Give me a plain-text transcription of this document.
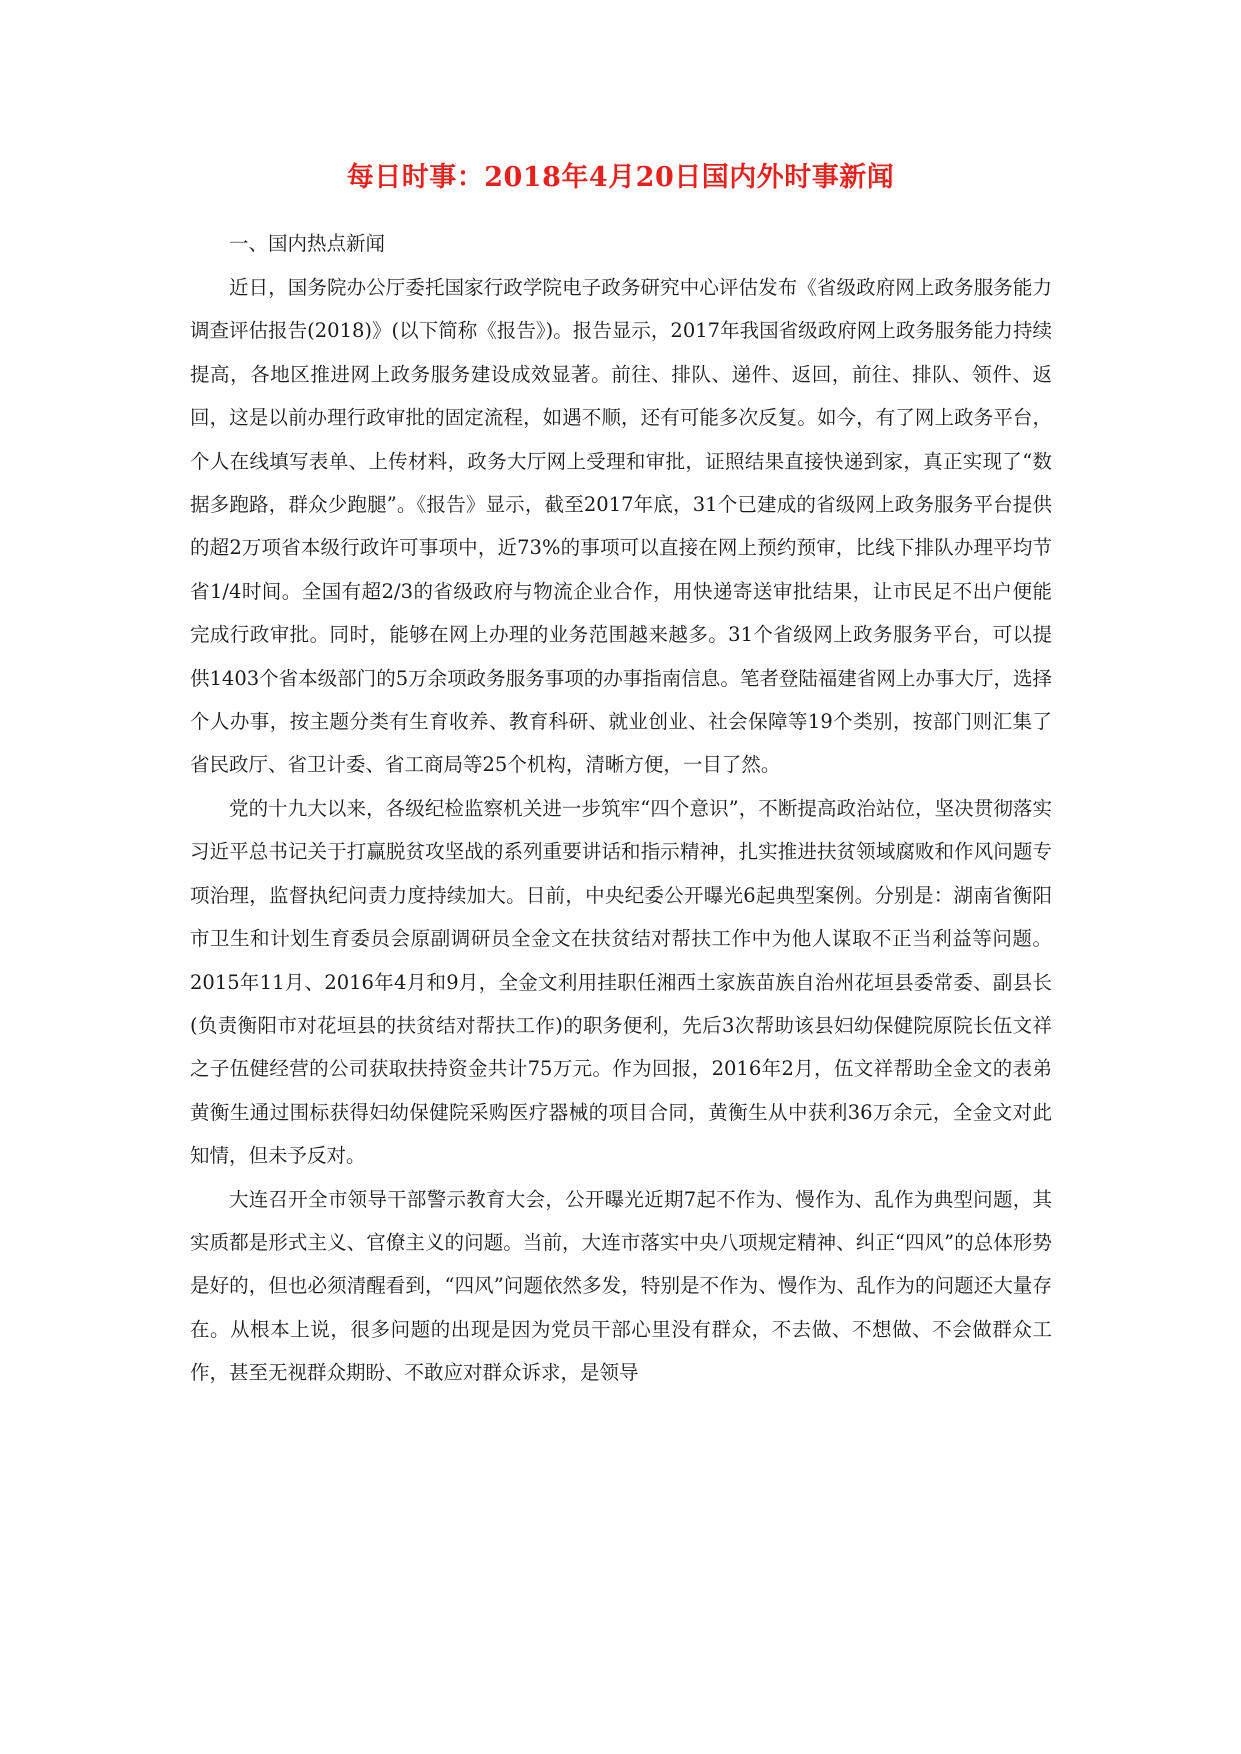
每日时事：2018年4月20日国内外时事新闻

一、国内热点新闻

近日，国务院办公厅委托国家行政学院电子政务研究中心评估发布《省级政府网上政务服务能力调查评估报告(2018)》(以下简称《报告》)。报告显示，2017年我国省级政府网上政务服务能力持续提高，各地区推进网上政务服务建设成效显著。前往、排队、递件、返回，前往、排队、领件、返回，这是以前办理行政审批的固定流程，如遇不顺，还有可能多次反复。如今，有了网上政务平台，个人在线填写表单、上传材料，政务大厅网上受理和审批，证照结果直接快递到家，真正实现了“数据多跑路，群众少跑腿”。《报告》显示，截至2017年底，31个已建成的省级网上政务服务平台提供的超2万项省本级行政许可事项中，近73%的事项可以直接在网上预约预审，比线下排队办理平均节省1/4时间。全国有超2/3的省级政府与物流企业合作，用快递寄送审批结果，让市民足不出户便能完成行政审批。同时，能够在网上办理的业务范围越来越多。31个省级网上政务服务平台，可以提供1403个省本级部门的5万余项政务服务事项的办事指南信息。笔者登陆福建省网上办事大厅，选择个人办事，按主题分类有生育收养、教育科研、就业创业、社会保障等19个类别，按部门则汇集了省民政厅、省卫计委、省工商局等25个机构，清晰方便，一目了然。

党的十九大以来，各级纪检监察机关进一步筑牢“四个意识”，不断提高政治站位，坚决贯彻落实习近平总书记关于打赢脱贫攻坚战的系列重要讲话和指示精神，扎实推进扶贫领域腐败和作风问题专项治理，监督执纪问责力度持续加大。日前，中央纪委公开曝光6起典型案例。分别是：湖南省衡阳市卫生和计划生育委员会原副调研员全金文在扶贫结对帮扶工作中为他人谋取不正当利益等问题。2015年11月、2016年4月和9月，全金文利用挂职任湘西土家族苗族自治州花垣县委常委、副县长(负责衡阳市对花垣县的扶贫结对帮扶工作)的职务便利，先后3次帮助该县妇幼保健院原院长伍文祥之子伍健经营的公司获取扶持资金共计75万元。作为回报，2016年2月，伍文祥帮助全金文的表弟黄衡生通过围标获得妇幼保健院采购医疗器械的项目合同，黄衡生从中获利36万余元，全金文对此知情，但未予反对。

大连召开全市领导干部警示教育大会，公开曝光近期7起不作为、慢作为、乱作为典型问题，其实质都是形式主义、官僚主义的问题。当前，大连市落实中央八项规定精神、纠正“四风”的总体形势是好的，但也必须清醒看到，“四风”问题依然多发，特别是不作为、慢作为、乱作为的问题还大量存在。从根本上说，很多问题的出现是因为党员干部心里没有群众，不去做、不想做、不会做群众工作，甚至无视群众期盼、不敢应对群众诉求，是领导
